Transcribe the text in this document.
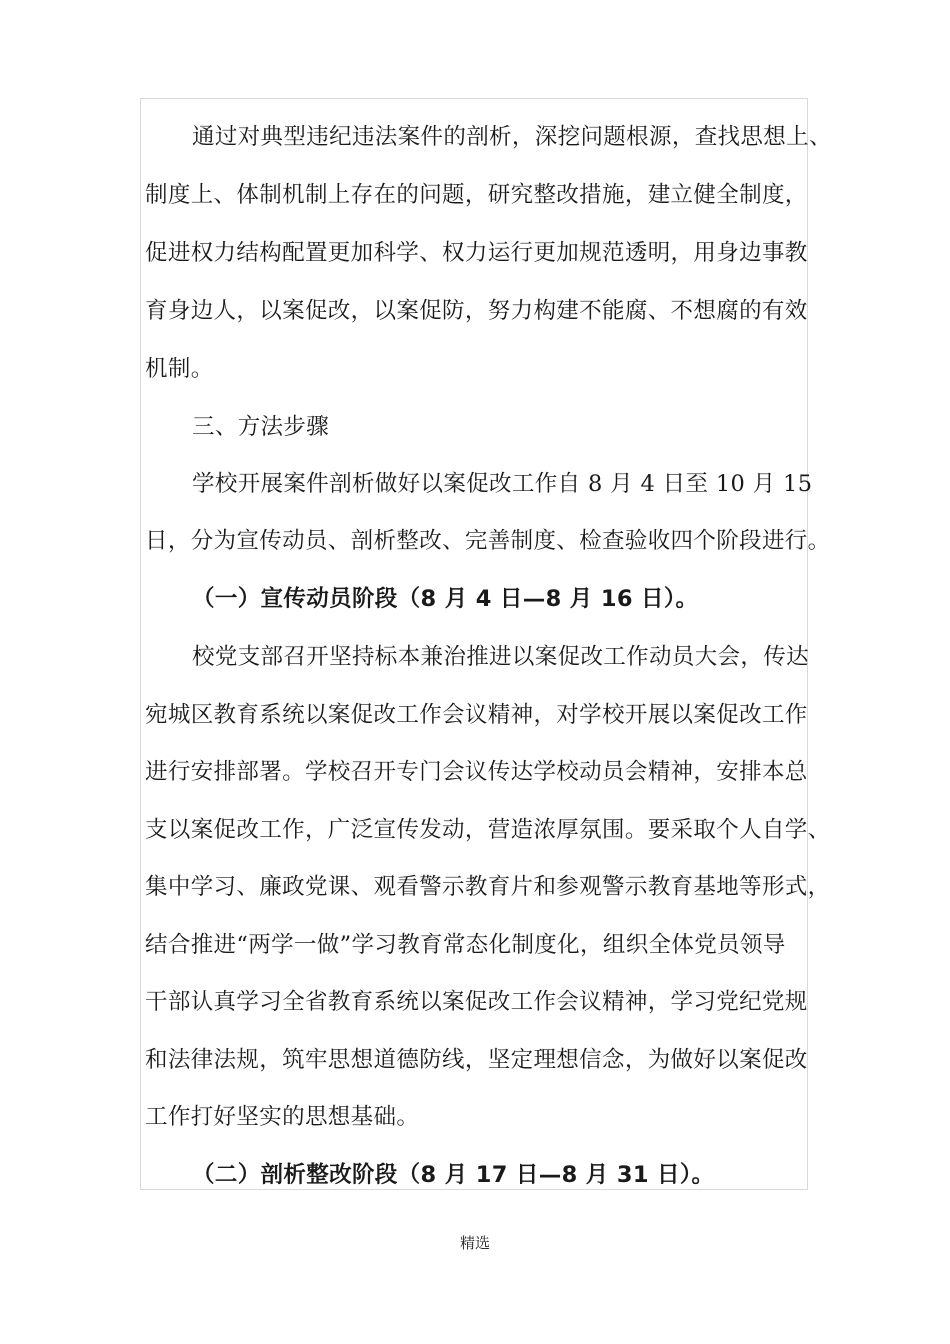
通过对典型违纪违法案件的剖析，深挖问题根源，查找思想上、
制度上、体制机制上存在的问题，研究整改措施，建立健全制度，
促进权力结构配置更加科学、权力运行更加规范透明，用身边事教
育身边人，以案促改，以案促防，努力构建不能腐、不想腐的有效
机制。
三、方法步骤
学校开展案件剖析做好以案促改工作自 8 月 4 日至 10 月 15
日，分为宣传动员、剖析整改、完善制度、检查验收四个阶段进行。
（一）宣传动员阶段（8 月 4 日—8 月 16 日）。
校党支部召开坚持标本兼治推进以案促改工作动员大会，传达
宛城区教育系统以案促改工作会议精神，对学校开展以案促改工作
进行安排部署。学校召开专门会议传达学校动员会精神，安排本总
支以案促改工作，广泛宣传发动，营造浓厚氛围。要采取个人自学、
集中学习、廉政党课、观看警示教育片和参观警示教育基地等形式，
结合推进“两学一做”学习教育常态化制度化，组织全体党员领导
干部认真学习全省教育系统以案促改工作会议精神，学习党纪党规
和法律法规，筑牢思想道德防线，坚定理想信念，为做好以案促改
工作打好坚实的思想基础。
（二）剖析整改阶段（8 月 17 日—8 月 31 日）。
精选
